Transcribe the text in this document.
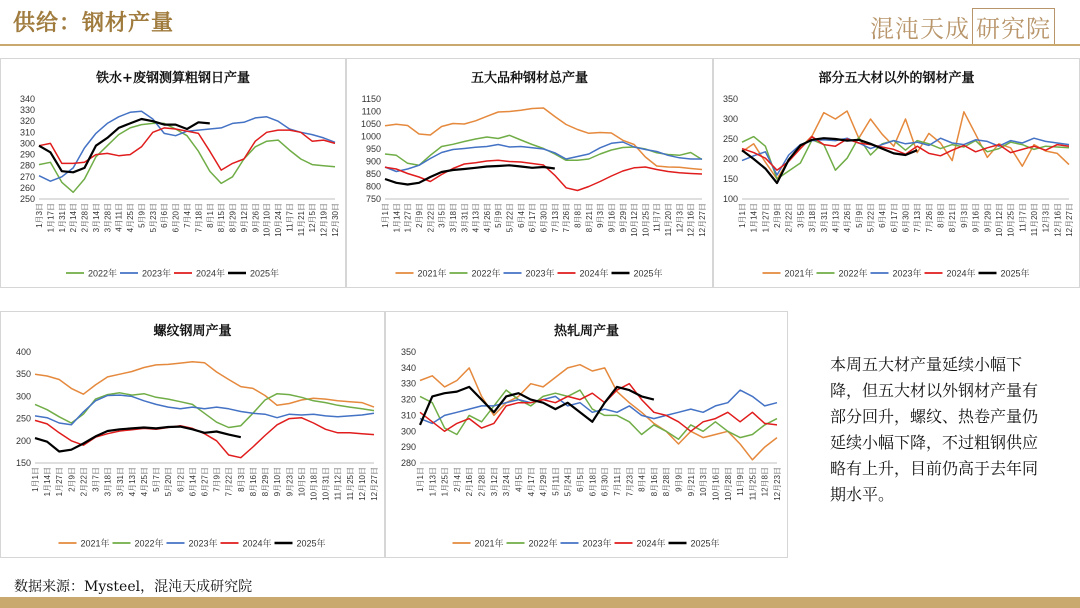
供给：钢材产量	混沌天成 研究院
250
260
270
280
290
300
310
320
330
340
1月3日 1月17日 1月31日 2月14日 2月28日 3月14日 3月28日 4月11日 4月25日 5月9日 5月23日 6月6日 6月20日 7月4日 7月18日 8月1日 8月15日 8月29日 9月12日 9月26日 10月10日 10月24日 11月7日 11月21日 12月5日 12月19日 12月30日
2022年	2023年	2024年	2025年
铁水+废钢测算粗钢日产量
750
800
850
900
950
1000
1050
1100
1150
1月1日 1月14日 1月27日 2月9日 2月22日 3月5日 3月18日 3月31日 4月13日 4月26日 5月9日 5月22日 6月4日 6月17日 6月30日 7月13日 7月26日 8月8日 8月21日 9月3日 9月16日 9月29日 10月12日 10月25日 11月7日 11月20日 12月3日 12月16日 12月27日
2021年	2022年	2023年	2024年	2025年
五大品种钢材总产量
100
150
200
250
300
350
1月1日 1月14日 1月27日 2月9日 2月22日 3月5日 3月18日 3月31日 4月13日 4月26日 5月9日 5月22日 6月4日 6月17日 6月30日 7月13日 7月26日 8月8日 8月21日 9月3日 9月16日 9月29日 10月12日 10月25日 11月7日 11月20日 12月3日 12月16日 12月27日
2021年	2022年	2023年	2024年	2025年
部分五大材以外的钢材产量
150
200
250
300
350
400
1月1日 1月14日 1月27日 2月9日 2月22日 3月7日 3月18日 3月31日 4月13日 4月25日 5月7日 5月20日 6月2日 6月14日 6月27日 7月9日 7月22日 8月3日 8月16日 8月29日 9月10日 9月23日 10月5日 10月18日 10月31日 11月12日 11月25日 12月10日 12月27日
2021年	2022年	2023年	2024年	2025年
螺纹钢周产量
280
290
300
310
320
330
340
350
1月1日 1月13日 1月25日 2月4日 2月16日 2月28日 3月12日 3月24日 4月5日 4月17日 4月29日 5月11日 5月24日 6月5日 6月18日 6月30日 7月11日 7月23日 8月4日 8月16日 8月28日 9月9日 9月21日 10月3日 10月16日 10月28日 11月9日 11月25日 12月8日 12月23日
2021年	2022年	2023年	2024年	2025年
热轧周产量
本周五大材产量延续小幅下降，但五大材以外钢材产量有部分回升，螺纹、热卷产量仍延续小幅下降，不过粗钢供应略有上升，目前仍高于去年同期水平。
数据来源：Mysteel，混沌天成研究院
